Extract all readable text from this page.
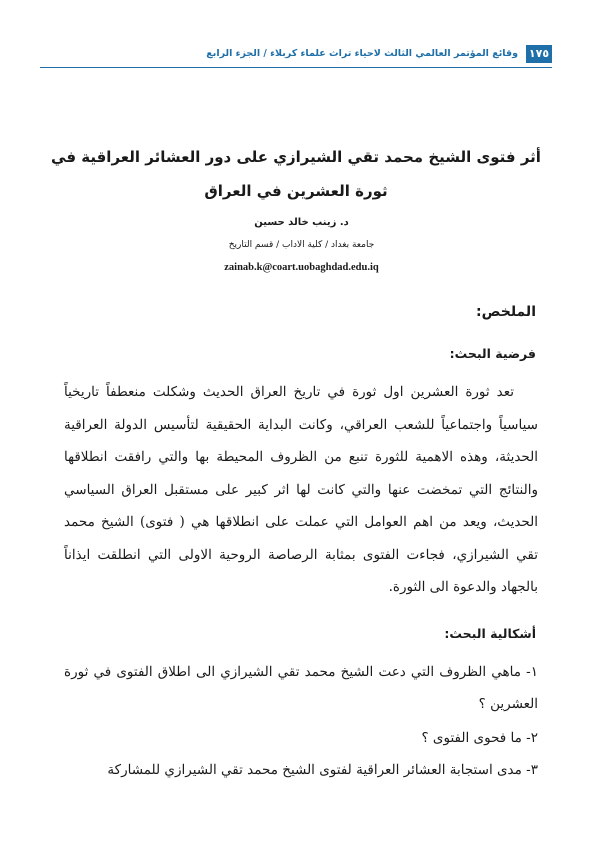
١٧٥
وقائع المؤتمر العالمي الثالث لاحياء تراث علماء كربلاء / الجزء الرابع
أثر فتوى الشيخ محمد تقي الشيرازي على دور العشائر العراقية في ثورة العشرين في العراق
د. زينب خالد حسين
جامعة بغداد / كلية الاداب / قسم التاريخ
zainab.k@coart.uobaghdad.edu.iq
الملخص:
فرضية البحث:

تعد ثورة العشرين اول ثورة في تاريخ العراق الحديث وشكلت منعطفاً تاريخياً سياسياً واجتماعياً للشعب العراقي، وكانت البداية الحقيقية لتأسيس الدولة العراقية الحديثة، وهذه الاهمية للثورة تنبع من الظروف المحيطة بها والتي رافقت انطلاقها والنتائج التي تمخضت عنها والتي كانت لها اثر كبير على مستقبل العراق السياسي الحديث، ويعد من اهم العوامل التي عملت على انطلاقها هي ( فتوى) الشيخ محمد تقي الشيرازي، فجاءت الفتوى بمثابة الرصاصة الروحية الاولى التي انطلقت ايذاناً بالجهاد والدعوة الى الثورة.

أشكالية البحث:
١- ماهي الظروف التي دعت الشيخ محمد تقي الشيرازي الى اطلاق الفتوى في ثورة العشرين ؟
٢- ما فحوى الفتوى ؟
٣- مدى استجابة العشائر العراقية لفتوى الشيخ محمد تقي الشيرازي للمشاركة
